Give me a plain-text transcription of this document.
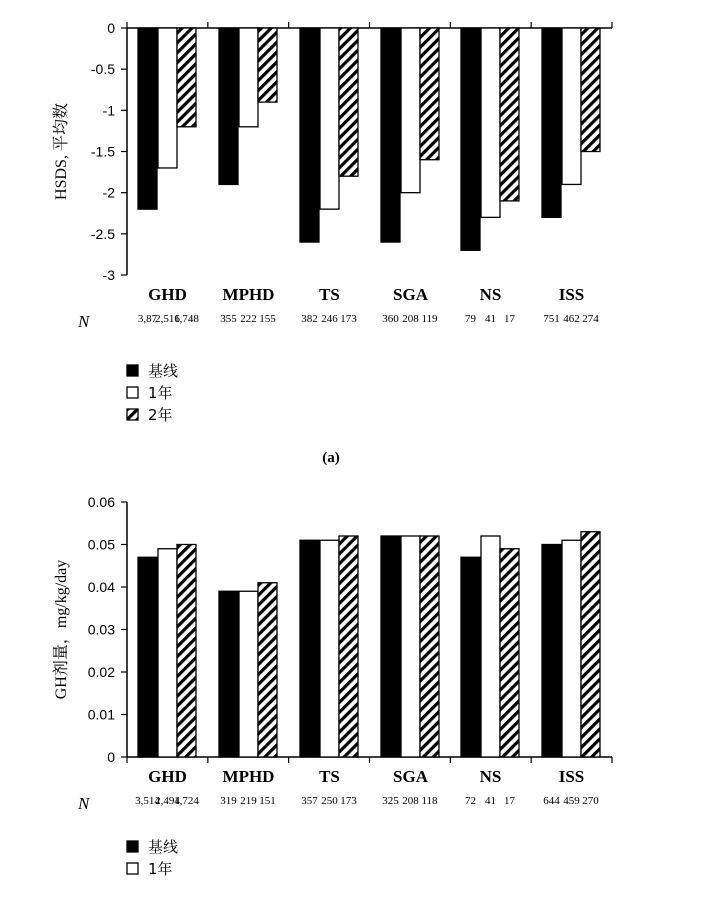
0
-0.5
-1
-1.5
-2
-2.5
-3
GHD MPHD	TS	SGA	NS	ISS
N	3,87
2,516
1,748 355 222 155 382 246 173 360 208 119 79 41 17	751 462 274
HSDS, 平均数
基线
1年
2年
(a)
0.06
0.05
0.04
0.03
0.02
0.01
0
GHD MPHD	TS	SGA	NS	ISS
N	3,514
2,494
1,724 319 219 151 357 250 173 325 208 118 72 41 17	644 459 270
GH剂量，mg/kg/day
基线
1年
